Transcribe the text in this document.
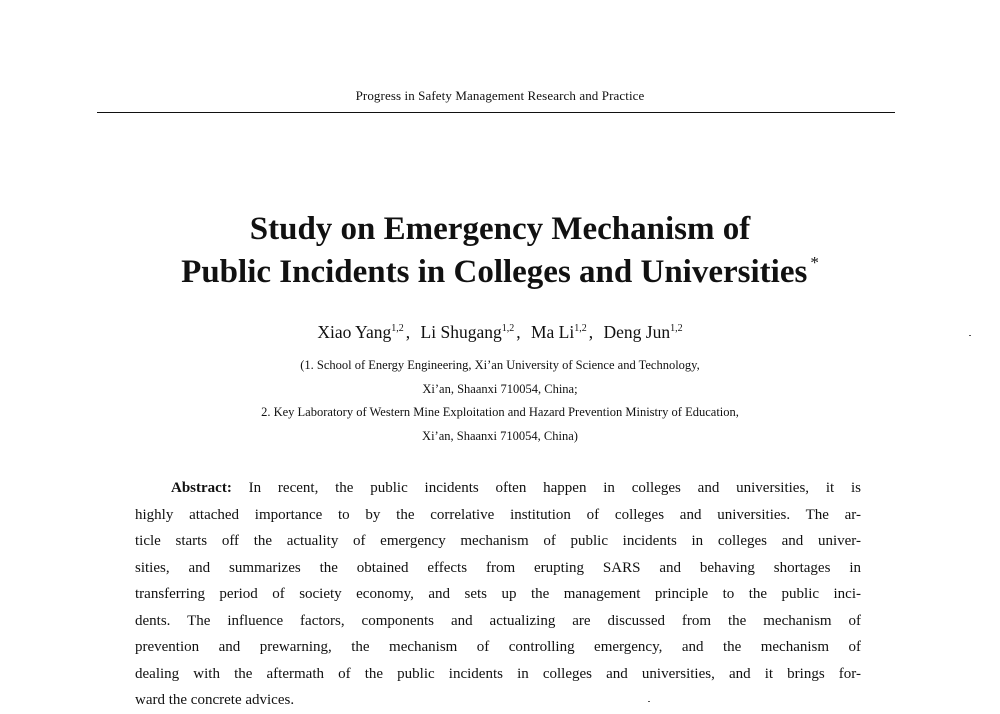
Progress in Safety Management Research and Practice
Study on Emergency Mechanism of
Public Incidents in Colleges and Universities *
Xiao Yang$^{1,2}$ , Li Shugang$^{1,2}$ , Ma Li$^{1,2}$ , Deng Jun$^{1,2}$
(1. School of Energy Engineering, Xi’an University of Science and Technology,
Xi’an, Shaanxi 710054, China;
2. Key Laboratory of Western Mine Exploitation and Hazard Prevention Ministry of Education,
Xi’an, Shaanxi 710054, China)
Abstract: In recent, the public incidents often happen in colleges and universities, it is
highly attached importance to by the correlative institution of colleges and universities. The ar-
ticle starts off the actuality of emergency mechanism of public incidents in colleges and univer-
sities, and summarizes the obtained effects from erupting SARS and behaving shortages in
transferring period of society economy, and sets up the management principle to the public inci-
dents. The influence factors, components and actualizing are discussed from the mechanism of
prevention and prewarning, the mechanism of controlling emergency, and the mechanism of
dealing with the aftermath of the public incidents in colleges and universities, and it brings for-
ward the concrete advices.
